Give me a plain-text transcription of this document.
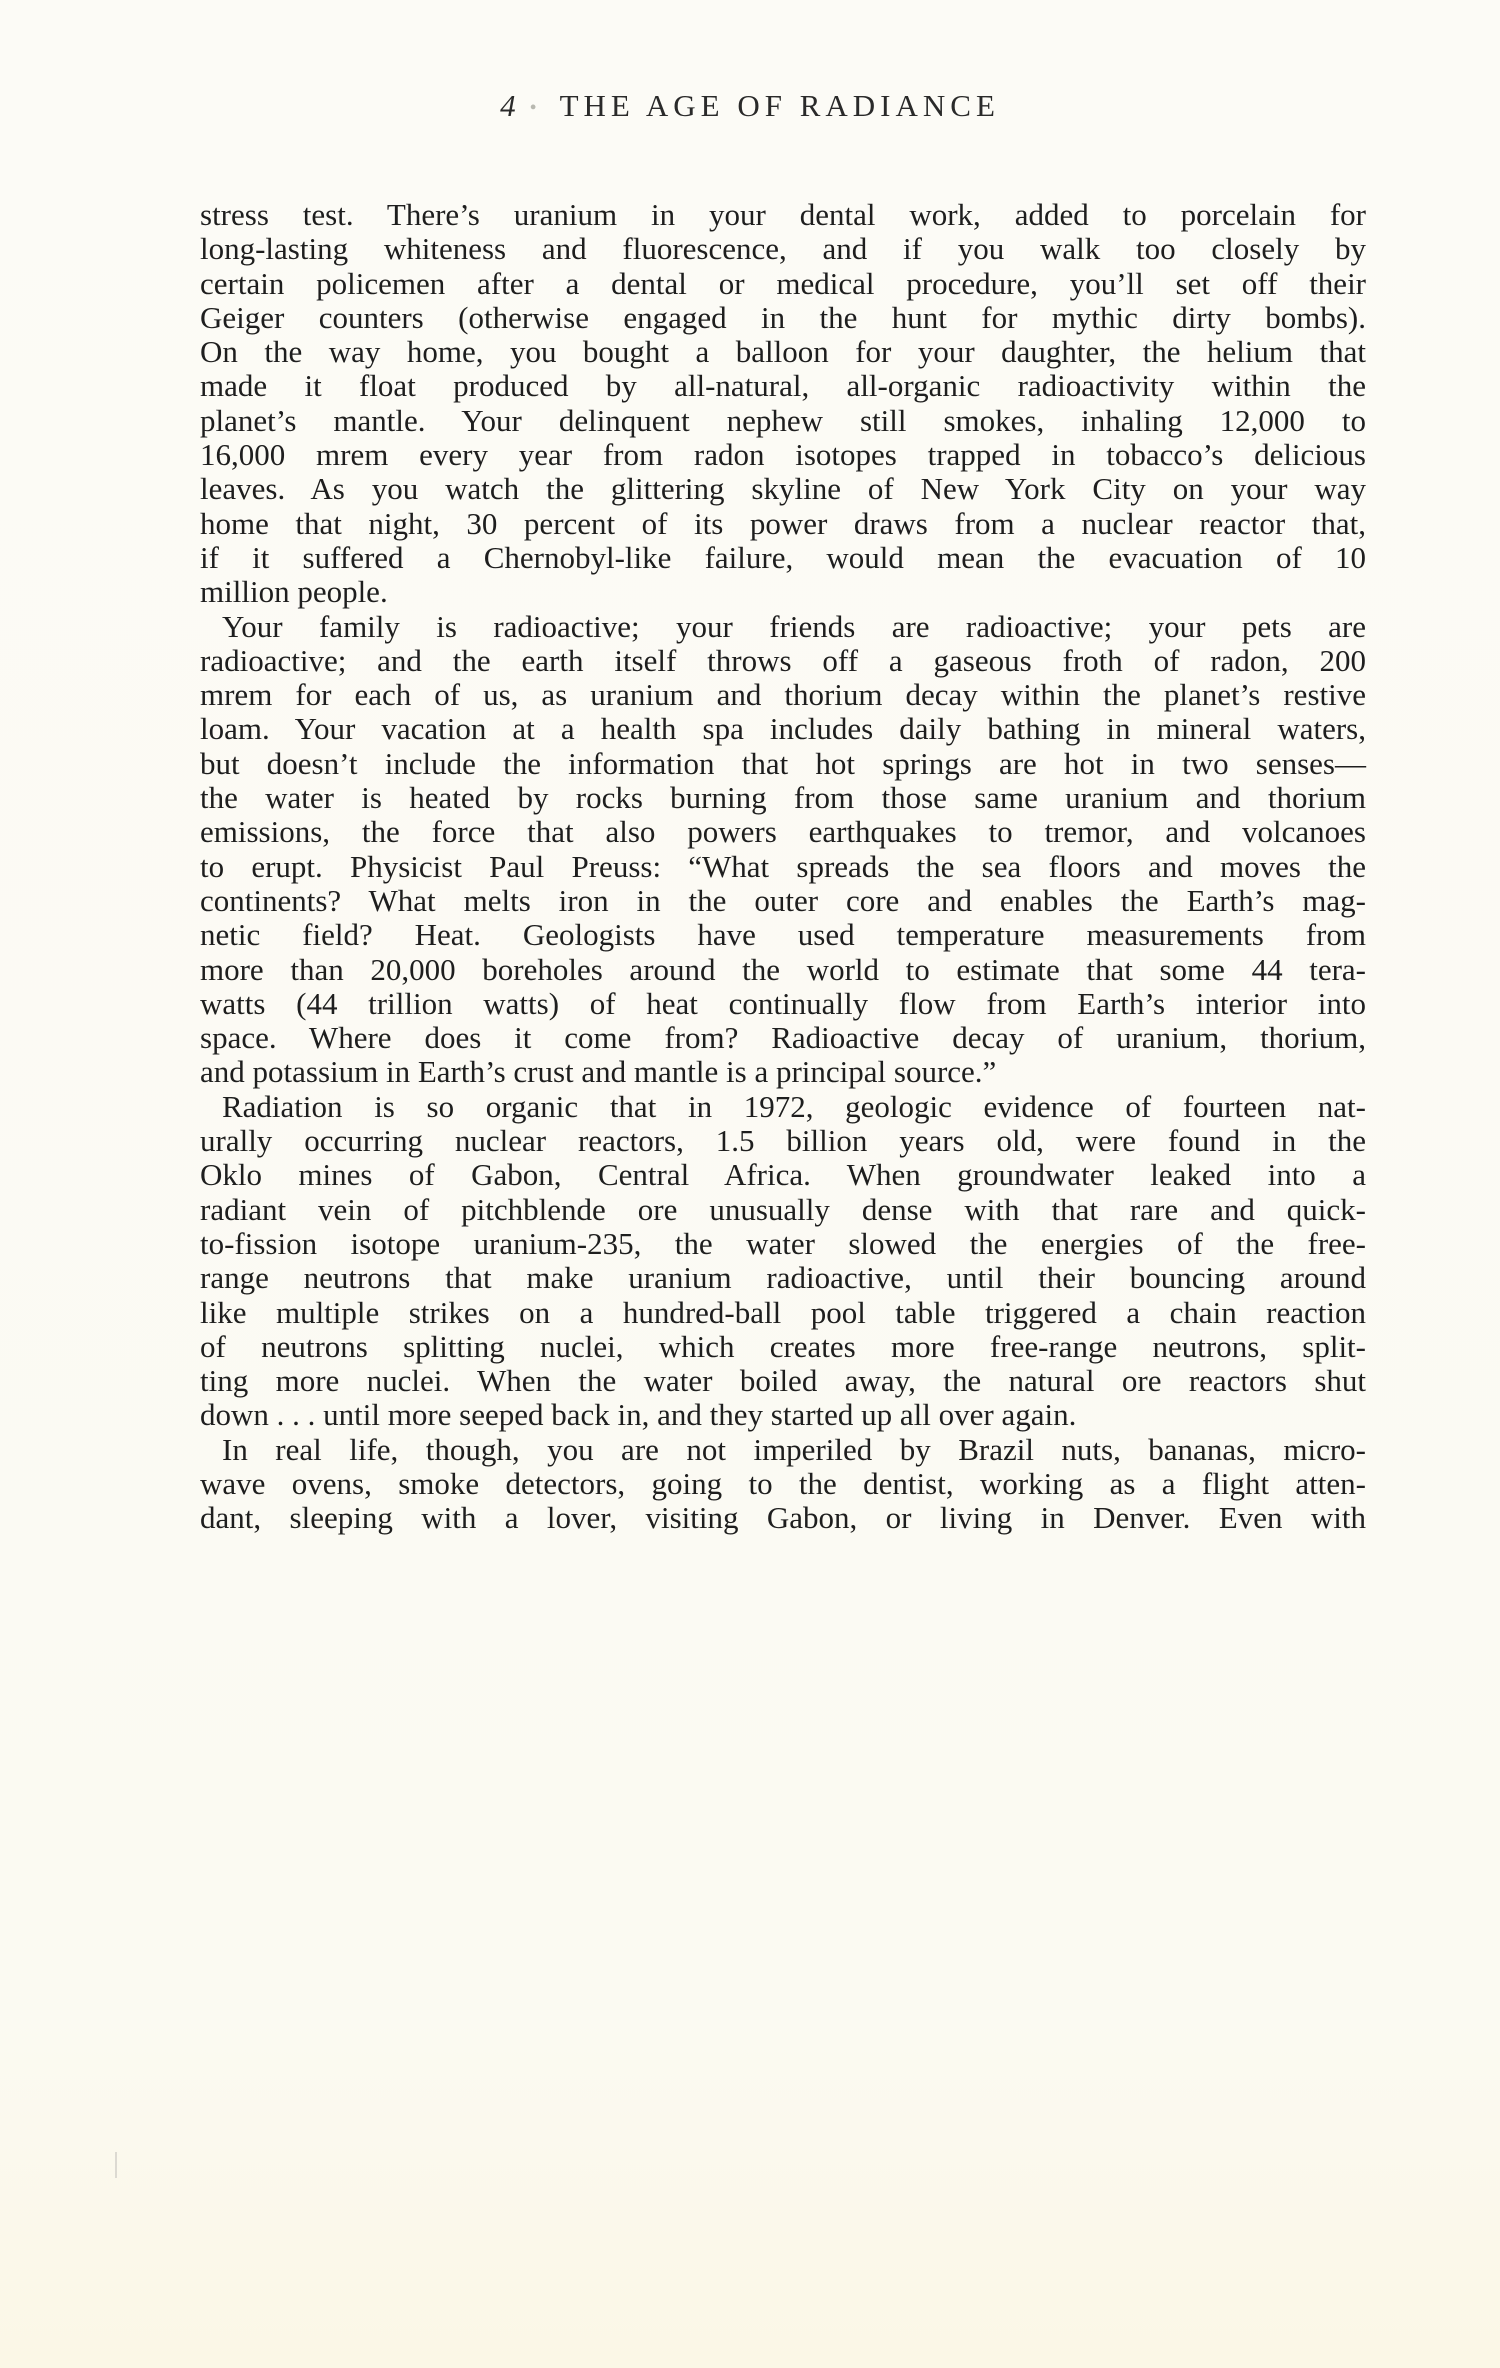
4 • THE AGE OF RADIANCE
stress test. There’s uranium in your dental work, added to porcelain for
long-lasting whiteness and fluorescence, and if you walk too closely by
certain policemen after a dental or medical procedure, you’ll set off their
Geiger counters (otherwise engaged in the hunt for mythic dirty bombs).
On the way home, you bought a balloon for your daughter, the helium that
made it float produced by all-natural, all-organic radioactivity within the
planet’s mantle. Your delinquent nephew still smokes, inhaling 12,000 to
16,000 mrem every year from radon isotopes trapped in tobacco’s delicious
leaves. As you watch the glittering skyline of New York City on your way
home that night, 30 percent of its power draws from a nuclear reactor that,
if it suffered a Chernobyl-like failure, would mean the evacuation of 10
million people.
Your family is radioactive; your friends are radioactive; your pets are
radioactive; and the earth itself throws off a gaseous froth of radon, 200
mrem for each of us, as uranium and thorium decay within the planet’s restive
loam. Your vacation at a health spa includes daily bathing in mineral waters,
but doesn’t include the information that hot springs are hot in two senses—
the water is heated by rocks burning from those same uranium and thorium
emissions, the force that also powers earthquakes to tremor, and volcanoes
to erupt. Physicist Paul Preuss: “What spreads the sea floors and moves the
continents? What melts iron in the outer core and enables the Earth’s mag-
netic field? Heat. Geologists have used temperature measurements from
more than 20,000 boreholes around the world to estimate that some 44 tera-
watts (44 trillion watts) of heat continually flow from Earth’s interior into
space. Where does it come from? Radioactive decay of uranium, thorium,
and potassium in Earth’s crust and mantle is a principal source.”
Radiation is so organic that in 1972, geologic evidence of fourteen nat-
urally occurring nuclear reactors, 1.5 billion years old, were found in the
Oklo mines of Gabon, Central Africa. When groundwater leaked into a
radiant vein of pitchblende ore unusually dense with that rare and quick-
to-fission isotope uranium-235, the water slowed the energies of the free-
range neutrons that make uranium radioactive, until their bouncing around
like multiple strikes on a hundred-ball pool table triggered a chain reaction
of neutrons splitting nuclei, which creates more free-range neutrons, split-
ting more nuclei. When the water boiled away, the natural ore reactors shut
down . . . until more seeped back in, and they started up all over again.
In real life, though, you are not imperiled by Brazil nuts, bananas, micro-
wave ovens, smoke detectors, going to the dentist, working as a flight atten-
dant, sleeping with a lover, visiting Gabon, or living in Denver. Even with
